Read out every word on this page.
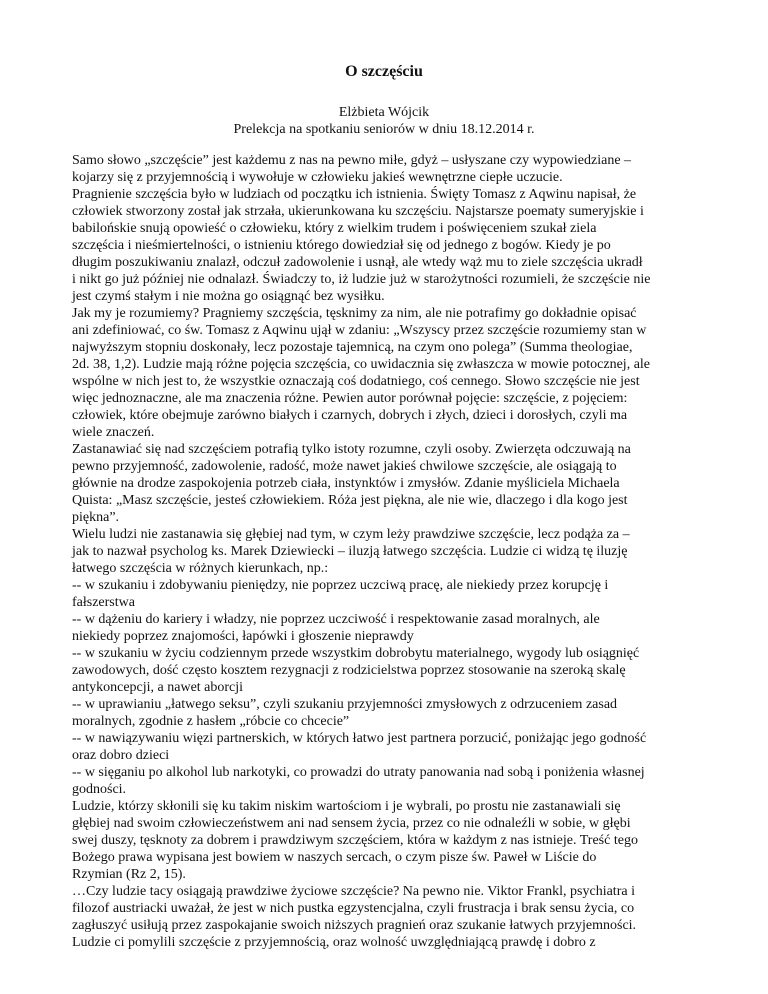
O szczęściu
Elżbieta Wójcik
Prelekcja na spotkaniu seniorów w dniu 18.12.2014 r.
Samo słowo „szczęście” jest każdemu z nas na pewno miłe, gdyż – usłyszane czy wypowiedziane –
kojarzy się z przyjemnością i wywołuje w człowieku jakieś wewnętrzne ciepłe uczucie.
Pragnienie szczęścia było w ludziach od początku ich istnienia. Święty Tomasz z Aqwinu napisał, że
człowiek stworzony został jak strzała, ukierunkowana ku szczęściu. Najstarsze poematy sumeryjskie i
babilońskie snują opowieść o człowieku, który z wielkim trudem i poświęceniem szukał ziela
szczęścia i nieśmiertelności, o istnieniu którego dowiedział się od jednego z bogów. Kiedy je po
długim poszukiwaniu znalazł, odczuł zadowolenie i usnął, ale wtedy wąż mu to ziele szczęścia ukradł
i nikt go już później nie odnalazł. Świadczy to, iż ludzie już w starożytności rozumieli, że szczęście nie
jest czymś stałym i nie można go osiągnąć bez wysiłku.
Jak my je rozumiemy? Pragniemy szczęścia, tęsknimy za nim, ale nie potrafimy go dokładnie opisać
ani zdefiniować, co św. Tomasz z Aqwinu ujął w zdaniu: „Wszyscy przez szczęście rozumiemy stan w
najwyższym stopniu doskonały, lecz pozostaje tajemnicą, na czym ono polega” (Summa theologiae,
2d. 38, 1,2). Ludzie mają różne pojęcia szczęścia, co uwidacznia się zwłaszcza w mowie potocznej, ale
wspólne w nich jest to, że wszystkie oznaczają coś dodatniego, coś cennego. Słowo szczęście nie jest
więc jednoznaczne, ale ma znaczenia różne. Pewien autor porównał pojęcie: szczęście, z pojęciem:
człowiek, które obejmuje zarówno białych i czarnych, dobrych i złych, dzieci i dorosłych, czyli ma
wiele znaczeń.
Zastanawiać się nad szczęściem potrafią tylko istoty rozumne, czyli osoby. Zwierzęta odczuwają na
pewno przyjemność, zadowolenie, radość, może nawet jakieś chwilowe szczęście, ale osiągają to
głównie na drodze zaspokojenia potrzeb ciała, instynktów i zmysłów. Zdanie myśliciela Michaela
Quista: „Masz szczęście, jesteś człowiekiem. Róża jest piękna, ale nie wie, dlaczego i dla kogo jest
piękna”.
Wielu ludzi nie zastanawia się głębiej nad tym, w czym leży prawdziwe szczęście, lecz podąża za –
jak to nazwał psycholog ks. Marek Dziewiecki – iluzją łatwego szczęścia. Ludzie ci widzą tę iluzję
łatwego szczęścia w różnych kierunkach, np.:
-- w szukaniu i zdobywaniu pieniędzy, nie poprzez uczciwą pracę, ale niekiedy przez korupcję i
fałszerstwa
-- w dążeniu do kariery i władzy, nie poprzez uczciwość i respektowanie zasad moralnych, ale
niekiedy poprzez znajomości, łapówki i głoszenie nieprawdy
-- w szukaniu w życiu codziennym przede wszystkim dobrobytu materialnego, wygody lub osiągnięć
zawodowych, dość często kosztem rezygnacji z rodzicielstwa poprzez stosowanie na szeroką skalę
antykoncepcji, a nawet aborcji
-- w uprawianiu „łatwego seksu”, czyli szukaniu przyjemności zmysłowych z odrzuceniem zasad
moralnych, zgodnie z hasłem „róbcie co chcecie”
-- w nawiązywaniu więzi partnerskich, w których łatwo jest partnera porzucić, poniżając jego godność
oraz dobro dzieci
-- w sięganiu po alkohol lub narkotyki, co prowadzi do utraty panowania nad sobą i poniżenia własnej
godności.
Ludzie, którzy skłonili się ku takim niskim wartościom i je wybrali, po prostu nie zastanawiali się
głębiej nad swoim człowieczeństwem ani nad sensem życia, przez co nie odnaleźli w sobie, w głębi
swej duszy, tęsknoty za dobrem i prawdziwym szczęściem, która w każdym z nas istnieje. Treść tego
Bożego prawa wypisana jest bowiem w naszych sercach, o czym pisze św. Paweł w Liście do
Rzymian (Rz 2, 15).
…Czy ludzie tacy osiągają prawdziwe życiowe szczęście? Na pewno nie. Viktor Frankl, psychiatra i
filozof austriacki uważał, że jest w nich pustka egzystencjalna, czyli frustracja i brak sensu życia, co
zagłuszyć usiłują przez zaspokajanie swoich niższych pragnień oraz szukanie łatwych przyjemności.
Ludzie ci pomylili szczęście z przyjemnością, oraz wolność uwzględniającą prawdę i dobro z
